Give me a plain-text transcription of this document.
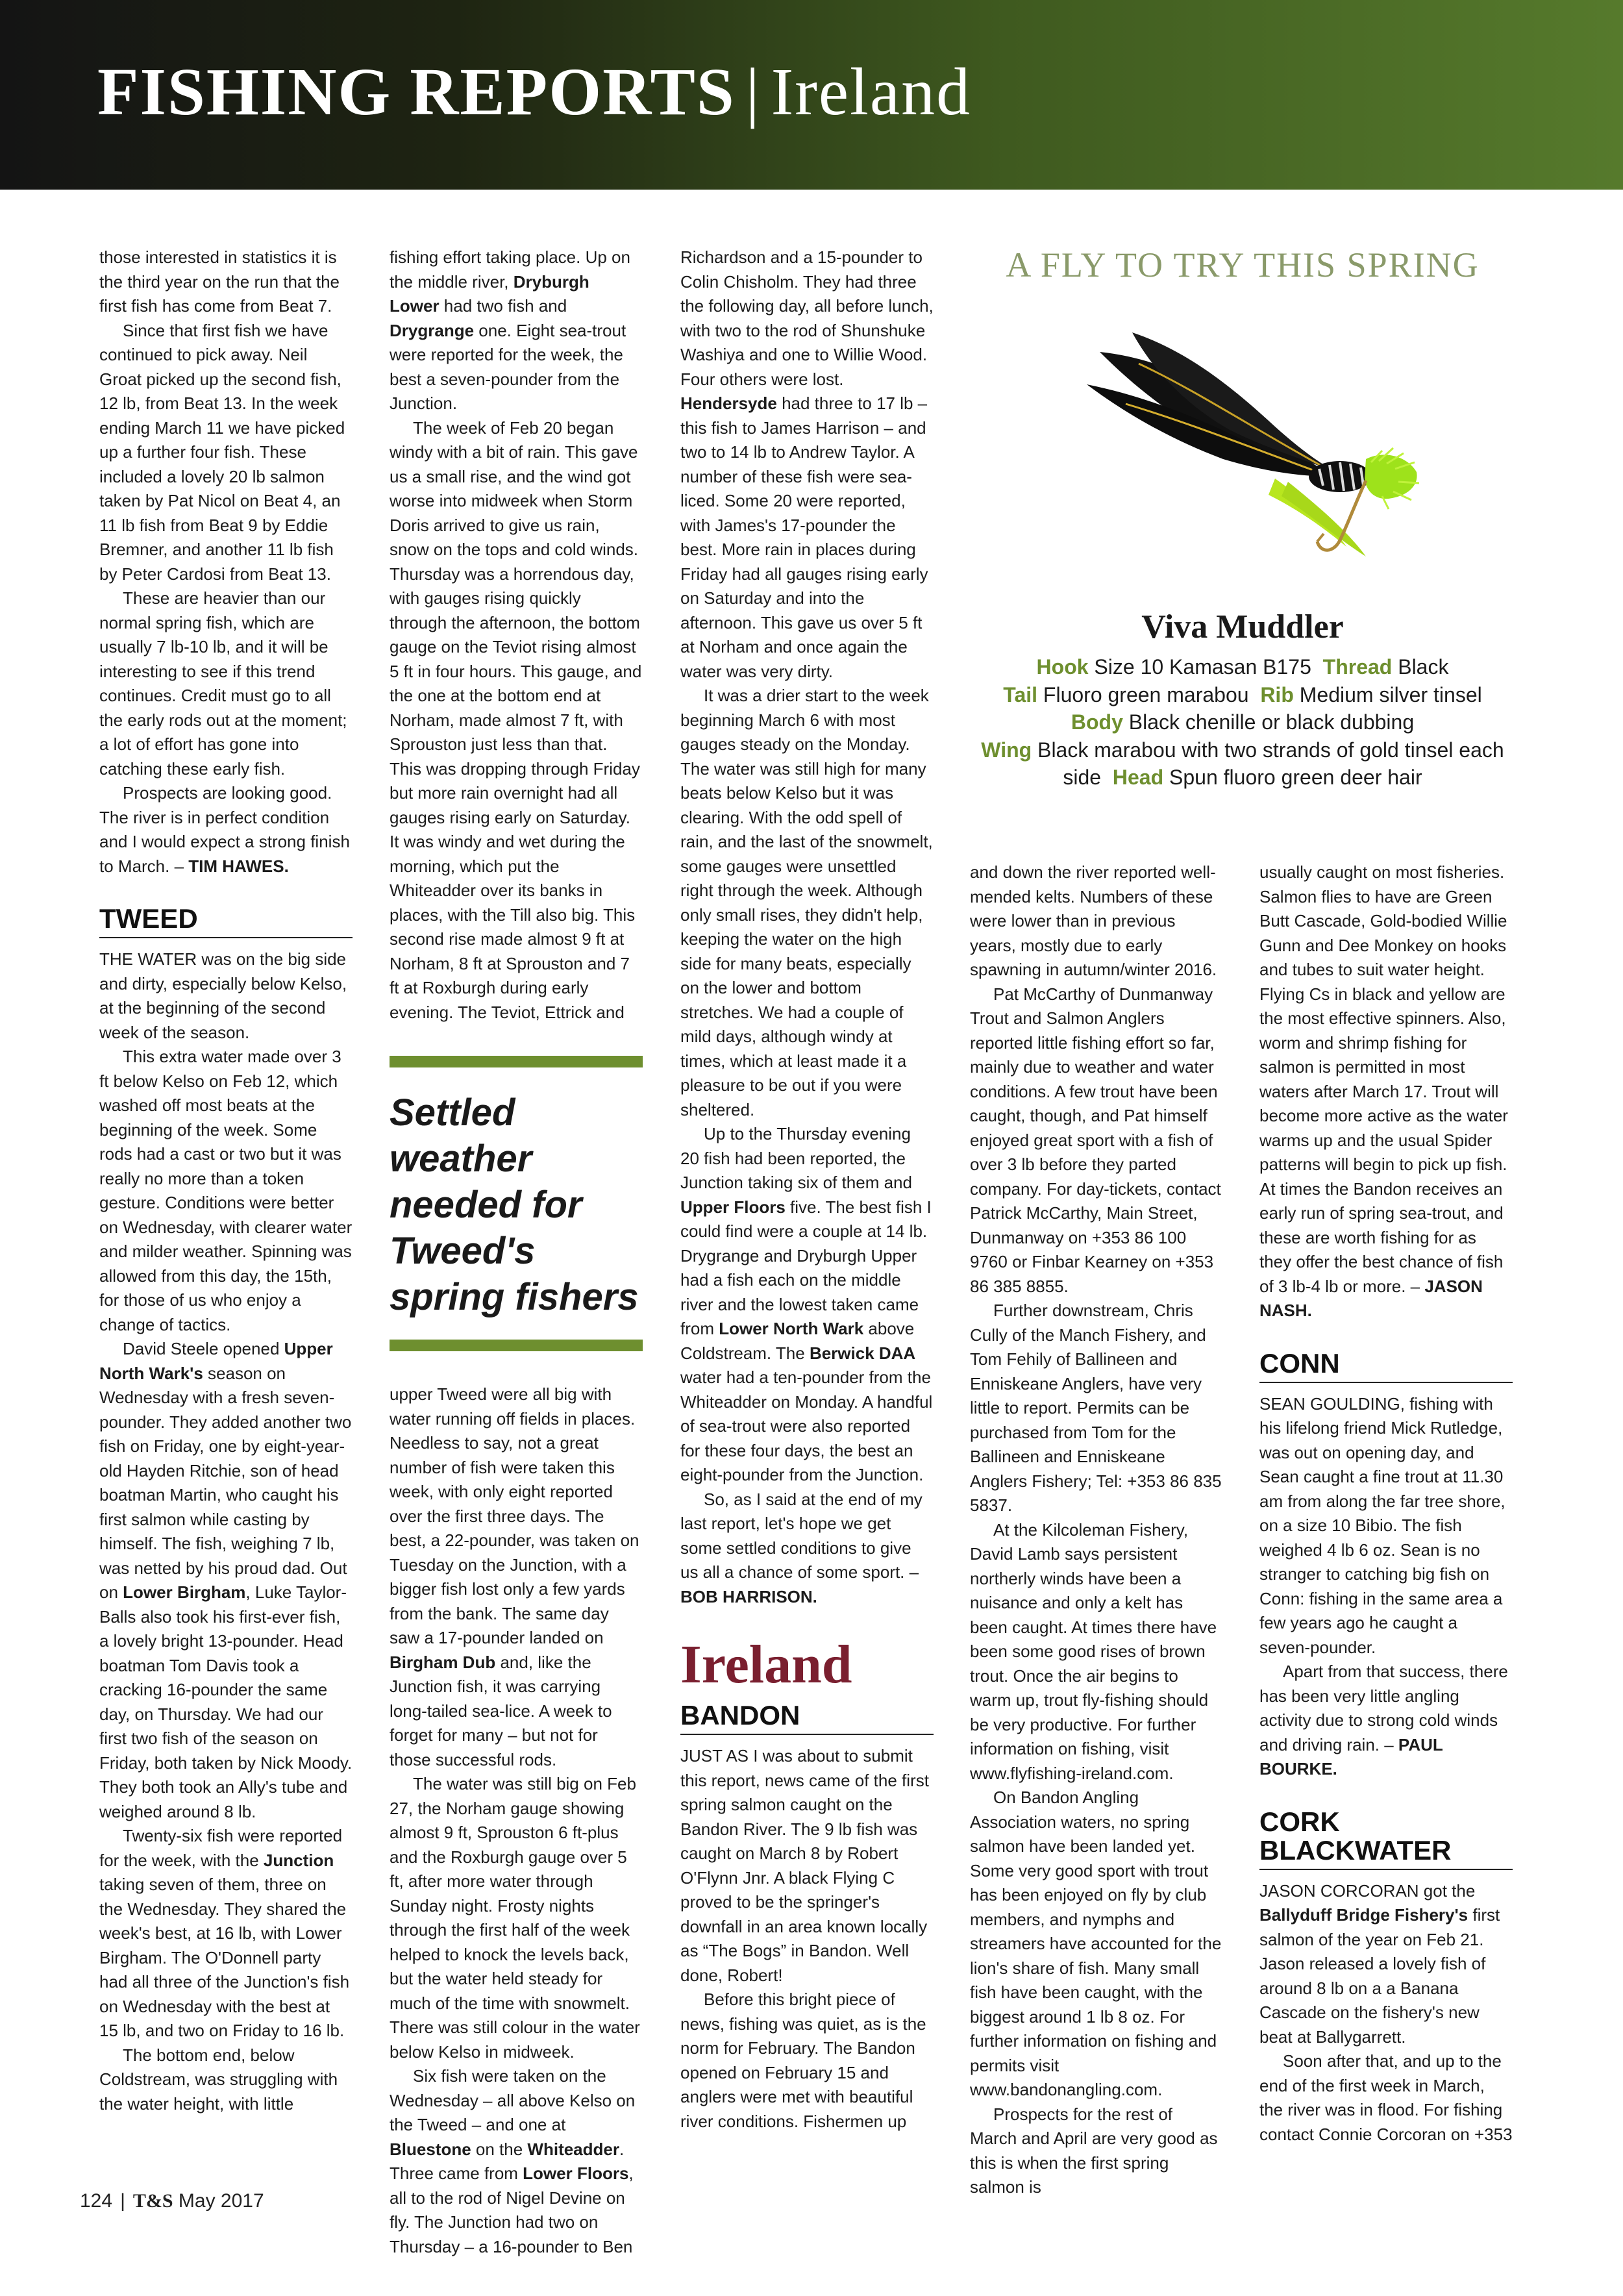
FISHING REPORTS | Ireland

those interested in statistics it is the third year on the run that the first fish has come from Beat 7.

Since that first fish we have continued to pick away. Neil Groat picked up the second fish, 12 lb, from Beat 13. In the week ending March 11 we have picked up a further four fish. These included a lovely 20 lb salmon taken by Pat Nicol on Beat 4, an 11 lb fish from Beat 9 by Eddie Bremner, and another 11 lb fish by Peter Cardosi from Beat 13.

These are heavier than our normal spring fish, which are usually 7 lb-10 lb, and it will be interesting to see if this trend continues. Credit must go to all the early rods out at the moment; a lot of effort has gone into catching these early fish.

Prospects are looking good. The river is in perfect condition and I would expect a strong finish to March. – TIM HAWES.

TWEED

THE WATER was on the big side and dirty, especially below Kelso, at the beginning of the second week of the season.

This extra water made over 3 ft below Kelso on Feb 12, which washed off most beats at the beginning of the week. Some rods had a cast or two but it was really no more than a token gesture. Conditions were better on Wednesday, with clearer water and milder weather. Spinning was allowed from this day, the 15th, for those of us who enjoy a change of tactics.

David Steele opened Upper North Wark's season on Wednesday with a fresh seven-pounder. They added another two fish on Friday, one by eight-year-old Hayden Ritchie, son of head boatman Martin, who caught his first salmon while casting by himself. The fish, weighing 7 lb, was netted by his proud dad. Out on Lower Birgham, Luke Taylor-Balls also took his first-ever fish, a lovely bright 13-pounder. Head boatman Tom Davis took a cracking 16-pounder the same day, on Thursday. We had our first two fish of the season on Friday, both taken by Nick Moody. They both took an Ally's tube and weighed around 8 lb.

Twenty-six fish were reported for the week, with the Junction taking seven of them, three on the Wednesday. They shared the week's best, at 16 lb, with Lower Birgham. The O'Donnell party had all three of the Junction's fish on Wednesday with the best at 15 lb, and two on Friday to 16 lb.

The bottom end, below Coldstream, was struggling with the water height, with little

fishing effort taking place. Up on the middle river, Dryburgh Lower had two fish and Drygrange one. Eight sea-trout were reported for the week, the best a seven-pounder from the Junction.

The week of Feb 20 began windy with a bit of rain. This gave us a small rise, and the wind got worse into midweek when Storm Doris arrived to give us rain, snow on the tops and cold winds. Thursday was a horrendous day, with gauges rising quickly through the afternoon, the bottom gauge on the Teviot rising almost 5 ft in four hours. This gauge, and the one at the bottom end at Norham, made almost 7 ft, with Sprouston just less than that. This was dropping through Friday but more rain overnight had all gauges rising early on Saturday. It was windy and wet during the morning, which put the Whiteadder over its banks in places, with the Till also big. This second rise made almost 9 ft at Norham, 8 ft at Sprouston and 7 ft at Roxburgh during early evening. The Teviot, Ettrick and

Settled weather needed for Tweed's spring fishers

upper Tweed were all big with water running off fields in places. Needless to say, not a great number of fish were taken this week, with only eight reported over the first three days. The best, a 22-pounder, was taken on Tuesday on the Junction, with a bigger fish lost only a few yards from the bank. The same day saw a 17-pounder landed on Birgham Dub and, like the Junction fish, it was carrying long-tailed sea-lice. A week to forget for many – but not for those successful rods.

The water was still big on Feb 27, the Norham gauge showing almost 9 ft, Sprouston 6 ft-plus and the Roxburgh gauge over 5 ft, after more water through Sunday night. Frosty nights through the first half of the week helped to knock the levels back, but the water held steady for much of the time with snowmelt. There was still colour in the water below Kelso in midweek.

Six fish were taken on the Wednesday – all above Kelso on the Tweed – and one at Bluestone on the Whiteadder. Three came from Lower Floors, all to the rod of Nigel Devine on fly. The Junction had two on Thursday – a 16-pounder to Ben

Richardson and a 15-pounder to Colin Chisholm. They had three the following day, all before lunch, with two to the rod of Shunshuke Washiya and one to Willie Wood. Four others were lost. Hendersyde had three to 17 lb – this fish to James Harrison – and two to 14 lb to Andrew Taylor. A number of these fish were sea-liced. Some 20 were reported, with James's 17-pounder the best. More rain in places during Friday had all gauges rising early on Saturday and into the afternoon. This gave us over 5 ft at Norham and once again the water was very dirty.

It was a drier start to the week beginning March 6 with most gauges steady on the Monday. The water was still high for many beats below Kelso but it was clearing. With the odd spell of rain, and the last of the snowmelt, some gauges were unsettled right through the week. Although only small rises, they didn't help, keeping the water on the high side for many beats, especially on the lower and bottom stretches. We had a couple of mild days, although windy at times, which at least made it a pleasure to be out if you were sheltered.

Up to the Thursday evening 20 fish had been reported, the Junction taking six of them and Upper Floors five. The best fish I could find were a couple at 14 lb. Drygrange and Dryburgh Upper had a fish each on the middle river and the lowest taken came from Lower North Wark above Coldstream. The Berwick DAA water had a ten-pounder from the Whiteadder on Monday. A handful of sea-trout were also reported for these four days, the best an eight-pounder from the Junction.

So, as I said at the end of my last report, let's hope we get some settled conditions to give us all a chance of some sport. – BOB HARRISON.

Ireland
BANDON

JUST AS I was about to submit this report, news came of the first spring salmon caught on the Bandon River. The 9 lb fish was caught on March 8 by Robert O'Flynn Jnr. A black Flying C proved to be the springer's downfall in an area known locally as “The Bogs” in Bandon. Well done, Robert!

Before this bright piece of news, fishing was quiet, as is the norm for February. The Bandon opened on February 15 and anglers were met with beautiful river conditions. Fishermen up

A FLY TO TRY THIS SPRING

Viva Muddler

Hook Size 10 Kamasan B175 Thread Black
Tail Fluoro green marabou Rib Medium silver tinsel
Body Black chenille or black dubbing
Wing Black marabou with two strands of gold tinsel each side Head Spun fluoro green deer hair

and down the river reported well-mended kelts. Numbers of these were lower than in previous years, mostly due to early spawning in autumn/winter 2016.

Pat McCarthy of Dunmanway Trout and Salmon Anglers reported little fishing effort so far, mainly due to weather and water conditions. A few trout have been caught, though, and Pat himself enjoyed great sport with a fish of over 3 lb before they parted company. For day-tickets, contact Patrick McCarthy, Main Street, Dunmanway on +353 86 100 9760 or Finbar Kearney on +353 86 385 8855.

Further downstream, Chris Cully of the Manch Fishery, and Tom Fehily of Ballineen and Enniskeane Anglers, have very little to report. Permits can be purchased from Tom for the Ballineen and Enniskeane Anglers Fishery; Tel: +353 86 835 5837.

At the Kilcoleman Fishery, David Lamb says persistent northerly winds have been a nuisance and only a kelt has been caught. At times there have been some good rises of brown trout. Once the air begins to warm up, trout fly-fishing should be very productive. For further information on fishing, visit www.flyfishing-ireland.com.

On Bandon Angling Association waters, no spring salmon have been landed yet. Some very good sport with trout has been enjoyed on fly by club members, and nymphs and streamers have accounted for the lion's share of fish. Many small fish have been caught, with the biggest around 1 lb 8 oz. For further information on fishing and permits visit www.bandonangling.com.

Prospects for the rest of March and April are very good as this is when the first spring salmon is

usually caught on most fisheries. Salmon flies to have are Green Butt Cascade, Gold-bodied Willie Gunn and Dee Monkey on hooks and tubes to suit water height. Flying Cs in black and yellow are the most effective spinners. Also, worm and shrimp fishing for salmon is permitted in most waters after March 17. Trout will become more active as the water warms up and the usual Spider patterns will begin to pick up fish. At times the Bandon receives an early run of spring sea-trout, and these are worth fishing for as they offer the best chance of fish of 3 lb-4 lb or more. – JASON NASH.

CONN

SEAN GOULDING, fishing with his lifelong friend Mick Rutledge, was out on opening day, and Sean caught a fine trout at 11.30 am from along the far tree shore, on a size 10 Bibio. The fish weighed 4 lb 6 oz. Sean is no stranger to catching big fish on Conn: fishing in the same area a few years ago he caught a seven-pounder.

Apart from that success, there has been very little angling activity due to strong cold winds and driving rain. – PAUL BOURKE.

CORK BLACKWATER

JASON CORCORAN got the Ballyduff Bridge Fishery's first salmon of the year on Feb 21. Jason released a lovely fish of around 8 lb on a a Banana Cascade on the fishery's new beat at Ballygarrett.

Soon after that, and up to the end of the first week in March, the river was in flood. For fishing contact Connie Corcoran on +353

124 | T&S May 2017
